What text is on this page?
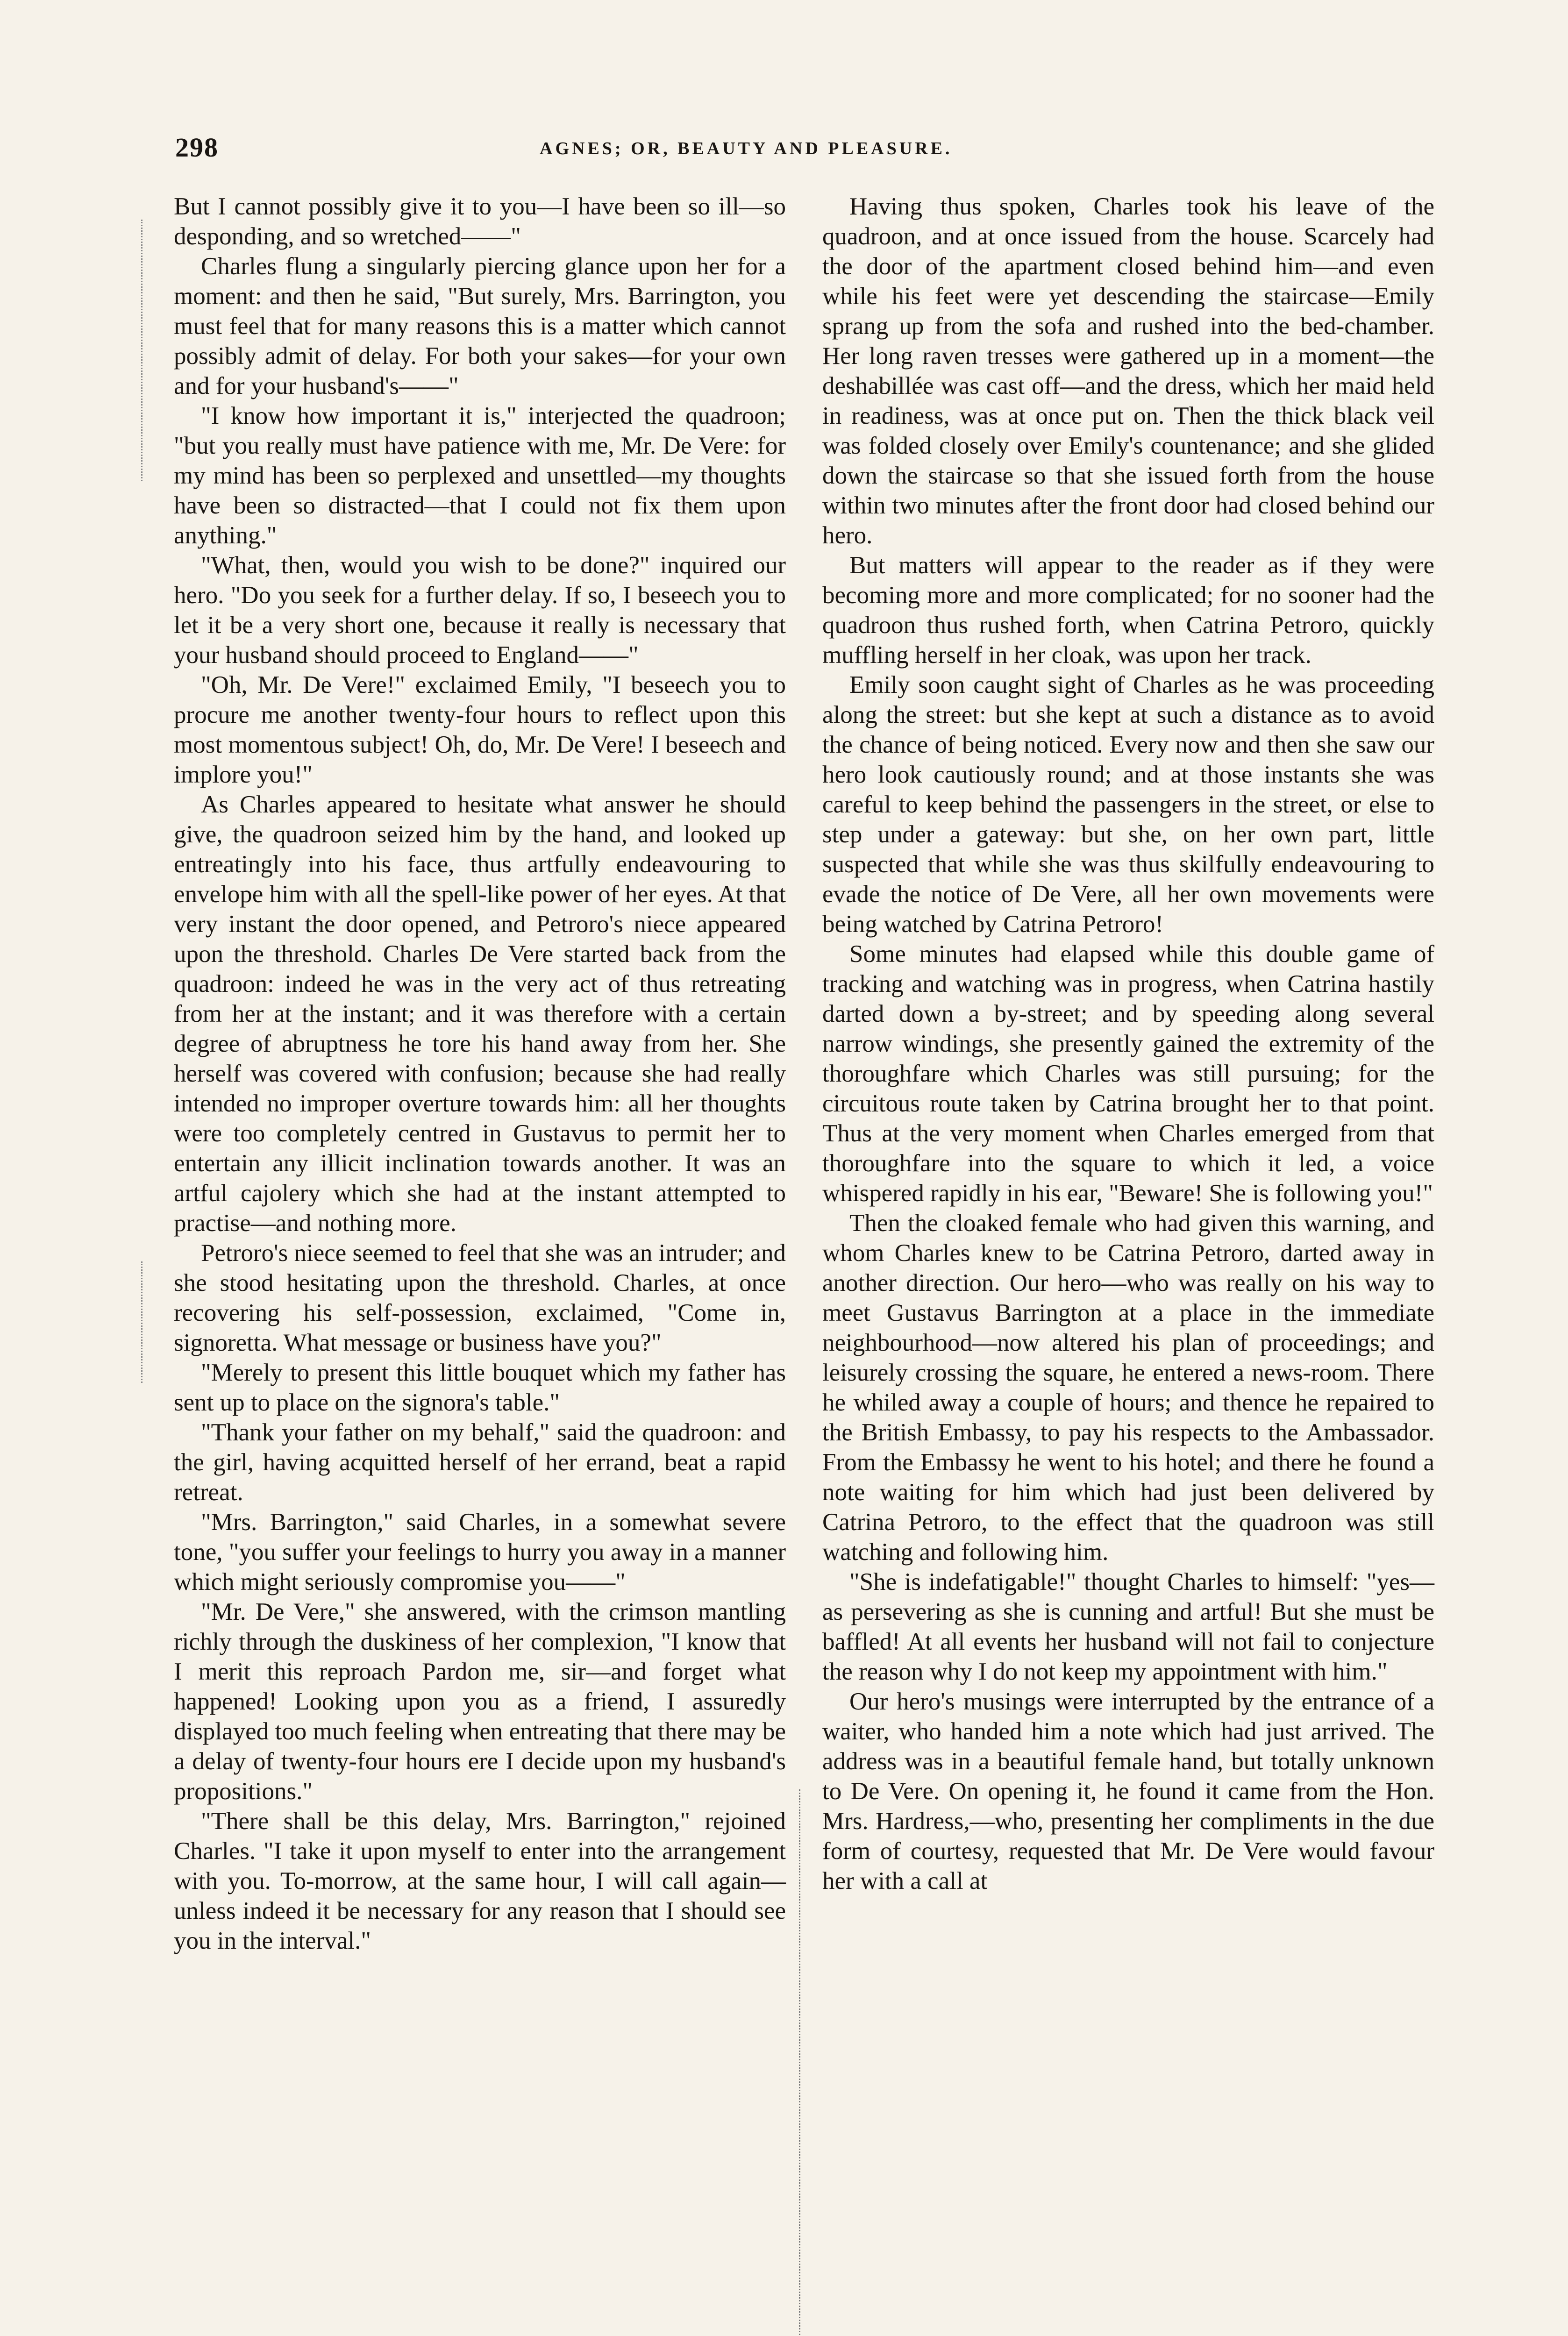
298	AGNES; OR, BEAUTY AND PLEASURE.

But I cannot possibly give it to you—I have been so ill—so desponding, and so wretched——"

Charles flung a singularly piercing glance upon her for a moment: and then he said, "But surely, Mrs. Barrington, you must feel that for many reasons this is a matter which cannot possibly admit of delay. For both your sakes—for your own and for your husband's——"

"I know how important it is," interjected the quadroon; "but you really must have patience with me, Mr. De Vere: for my mind has been so perplexed and unsettled—my thoughts have been so distracted—that I could not fix them upon anything."

"What, then, would you wish to be done?" inquired our hero. "Do you seek for a further delay. If so, I beseech you to let it be a very short one, because it really is necessary that your husband should proceed to England——"

"Oh, Mr. De Vere!" exclaimed Emily, "I beseech you to procure me another twenty-four hours to reflect upon this most momentous subject! Oh, do, Mr. De Vere! I beseech and implore you!"

As Charles appeared to hesitate what answer he should give, the quadroon seized him by the hand, and looked up entreatingly into his face, thus artfully endeavouring to envelope him with all the spell-like power of her eyes. At that very instant the door opened, and Petroro's niece appeared upon the threshold. Charles De Vere started back from the quadroon: indeed he was in the very act of thus retreating from her at the instant; and it was therefore with a certain degree of abruptness he tore his hand away from her. She herself was covered with confusion; because she had really intended no improper overture towards him: all her thoughts were too completely centred in Gustavus to permit her to entertain any illicit inclination towards another. It was an artful cajolery which she had at the instant attempted to practise—and nothing more.

Petroro's niece seemed to feel that she was an intruder; and she stood hesitating upon the threshold. Charles, at once recovering his self-possession, exclaimed, "Come in, signoretta. What message or business have you?"

"Merely to present this little bouquet which my father has sent up to place on the signora's table."

"Thank your father on my behalf," said the quadroon: and the girl, having acquitted herself of her errand, beat a rapid retreat.

"Mrs. Barrington," said Charles, in a somewhat severe tone, "you suffer your feelings to hurry you away in a manner which might seriously compromise you——"

"Mr. De Vere," she answered, with the crimson mantling richly through the duskiness of her complexion, "I know that I merit this reproach Pardon me, sir—and forget what happened! Looking upon you as a friend, I assuredly displayed too much feeling when entreating that there may be a delay of twenty-four hours ere I decide upon my husband's propositions."

"There shall be this delay, Mrs. Barrington," rejoined Charles. "I take it upon myself to enter into the arrangement with you. To-morrow, at the same hour, I will call again—unless indeed it be necessary for any reason that I should see you in the interval."

Having thus spoken, Charles took his leave of the quadroon, and at once issued from the house. Scarcely had the door of the apartment closed behind him—and even while his feet were yet descending the staircase—Emily sprang up from the sofa and rushed into the bed-chamber. Her long raven tresses were gathered up in a moment—the deshabillée was cast off—and the dress, which her maid held in readiness, was at once put on. Then the thick black veil was folded closely over Emily's countenance; and she glided down the staircase so that she issued forth from the house within two minutes after the front door had closed behind our hero.

But matters will appear to the reader as if they were becoming more and more complicated; for no sooner had the quadroon thus rushed forth, when Catrina Petroro, quickly muffling herself in her cloak, was upon her track.

Emily soon caught sight of Charles as he was proceeding along the street: but she kept at such a distance as to avoid the chance of being noticed. Every now and then she saw our hero look cautiously round; and at those instants she was careful to keep behind the passengers in the street, or else to step under a gateway: but she, on her own part, little suspected that while she was thus skilfully endeavouring to evade the notice of De Vere, all her own movements were being watched by Catrina Petroro!

Some minutes had elapsed while this double game of tracking and watching was in progress, when Catrina hastily darted down a by-street; and by speeding along several narrow windings, she presently gained the extremity of the thoroughfare which Charles was still pursuing; for the circuitous route taken by Catrina brought her to that point. Thus at the very moment when Charles emerged from that thoroughfare into the square to which it led, a voice whispered rapidly in his ear, "Beware! She is following you!"

Then the cloaked female who had given this warning, and whom Charles knew to be Catrina Petroro, darted away in another direction. Our hero—who was really on his way to meet Gustavus Barrington at a place in the immediate neighbourhood—now altered his plan of proceedings; and leisurely crossing the square, he entered a news-room. There he whiled away a couple of hours; and thence he repaired to the British Embassy, to pay his respects to the Ambassador. From the Embassy he went to his hotel; and there he found a note waiting for him which had just been delivered by Catrina Petroro, to the effect that the quadroon was still watching and following him.

"She is indefatigable!" thought Charles to himself: "yes—as persevering as she is cunning and artful! But she must be baffled! At all events her husband will not fail to conjecture the reason why I do not keep my appointment with him."

Our hero's musings were interrupted by the entrance of a waiter, who handed him a note which had just arrived. The address was in a beautiful female hand, but totally unknown to De Vere. On opening it, he found it came from the Hon. Mrs. Hardress,—who, presenting her compliments in the due form of courtesy, requested that Mr. De Vere would favour her with a call at
